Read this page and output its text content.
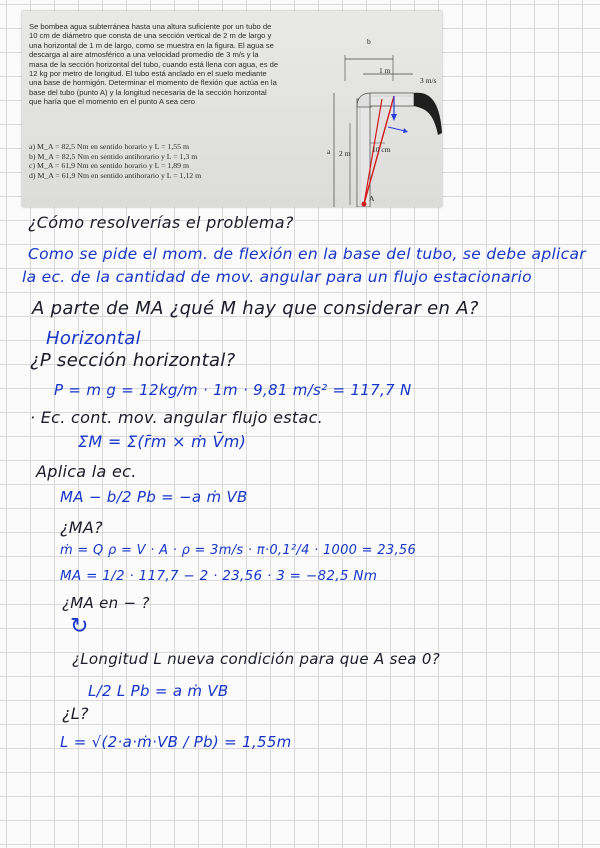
Se bombea agua subterránea hasta una altura suficiente por un tubo de
10 cm de diámetro que consta de una sección vertical de 2 m de largo y
una horizontal de 1 m de largo, como se muestra en la figura. El agua se
descarga al aire atmosférico a una velocidad promedio de 3 m/s y la
masa de la sección horizontal del tubo, cuando está llena con agua, es de
12 kg por metro de longitud. El tubo está anclado en el suelo mediante
una base de hormigón. Determinar el momento de flexión que actúa en la
base del tubo (punto A) y la longitud necesaria de la sección horizontal
que haría que el momento en el punto A sea cero
a) M_A = 82,5 Nm en sentido horario y L = 1,55 m
b) M_A = 82,5 Nm en sentido antihorario y L = 1,3 m
c) M_A = 61,9 Nm en sentido horario y L = 1,89 m
d) M_A = 61,9 Nm en sentido antihorario y L = 1,12 m
b
1 m
3 m/s
a 2 m	10 cm
A

¿Cómo resolverías el problema?

Como se pide el mom. de flexión en la base del tubo, se debe aplicar

la ec. de la cantidad de mov. angular para un flujo estacionario

A parte de MA ¿qué M hay que considerar en A?

Horizontal

¿P sección horizontal?

P = m g = 12kg/m · 1m · 9,81 m/s² = 117,7 N

· Ec. cont. mov. angular flujo estac.

ΣM = Σ(r̄m × ṁ V̄m)

Aplica la ec.

MA − b/2 Pb = −a ṁ VB

¿MA?

ṁ = Q ρ = V · A · ρ = 3m/s · π·0,1²/4 · 1000 = 23,56

MA = 1/2 · 117,7 − 2 · 23,56 · 3 = −82,5 Nm

¿MA en − ?

↻

¿Longitud L nueva condición para que A sea 0?

L/2 L Pb = a ṁ VB

¿L?

L = √(2·a·ṁ·VB / Pb) = 1,55m
